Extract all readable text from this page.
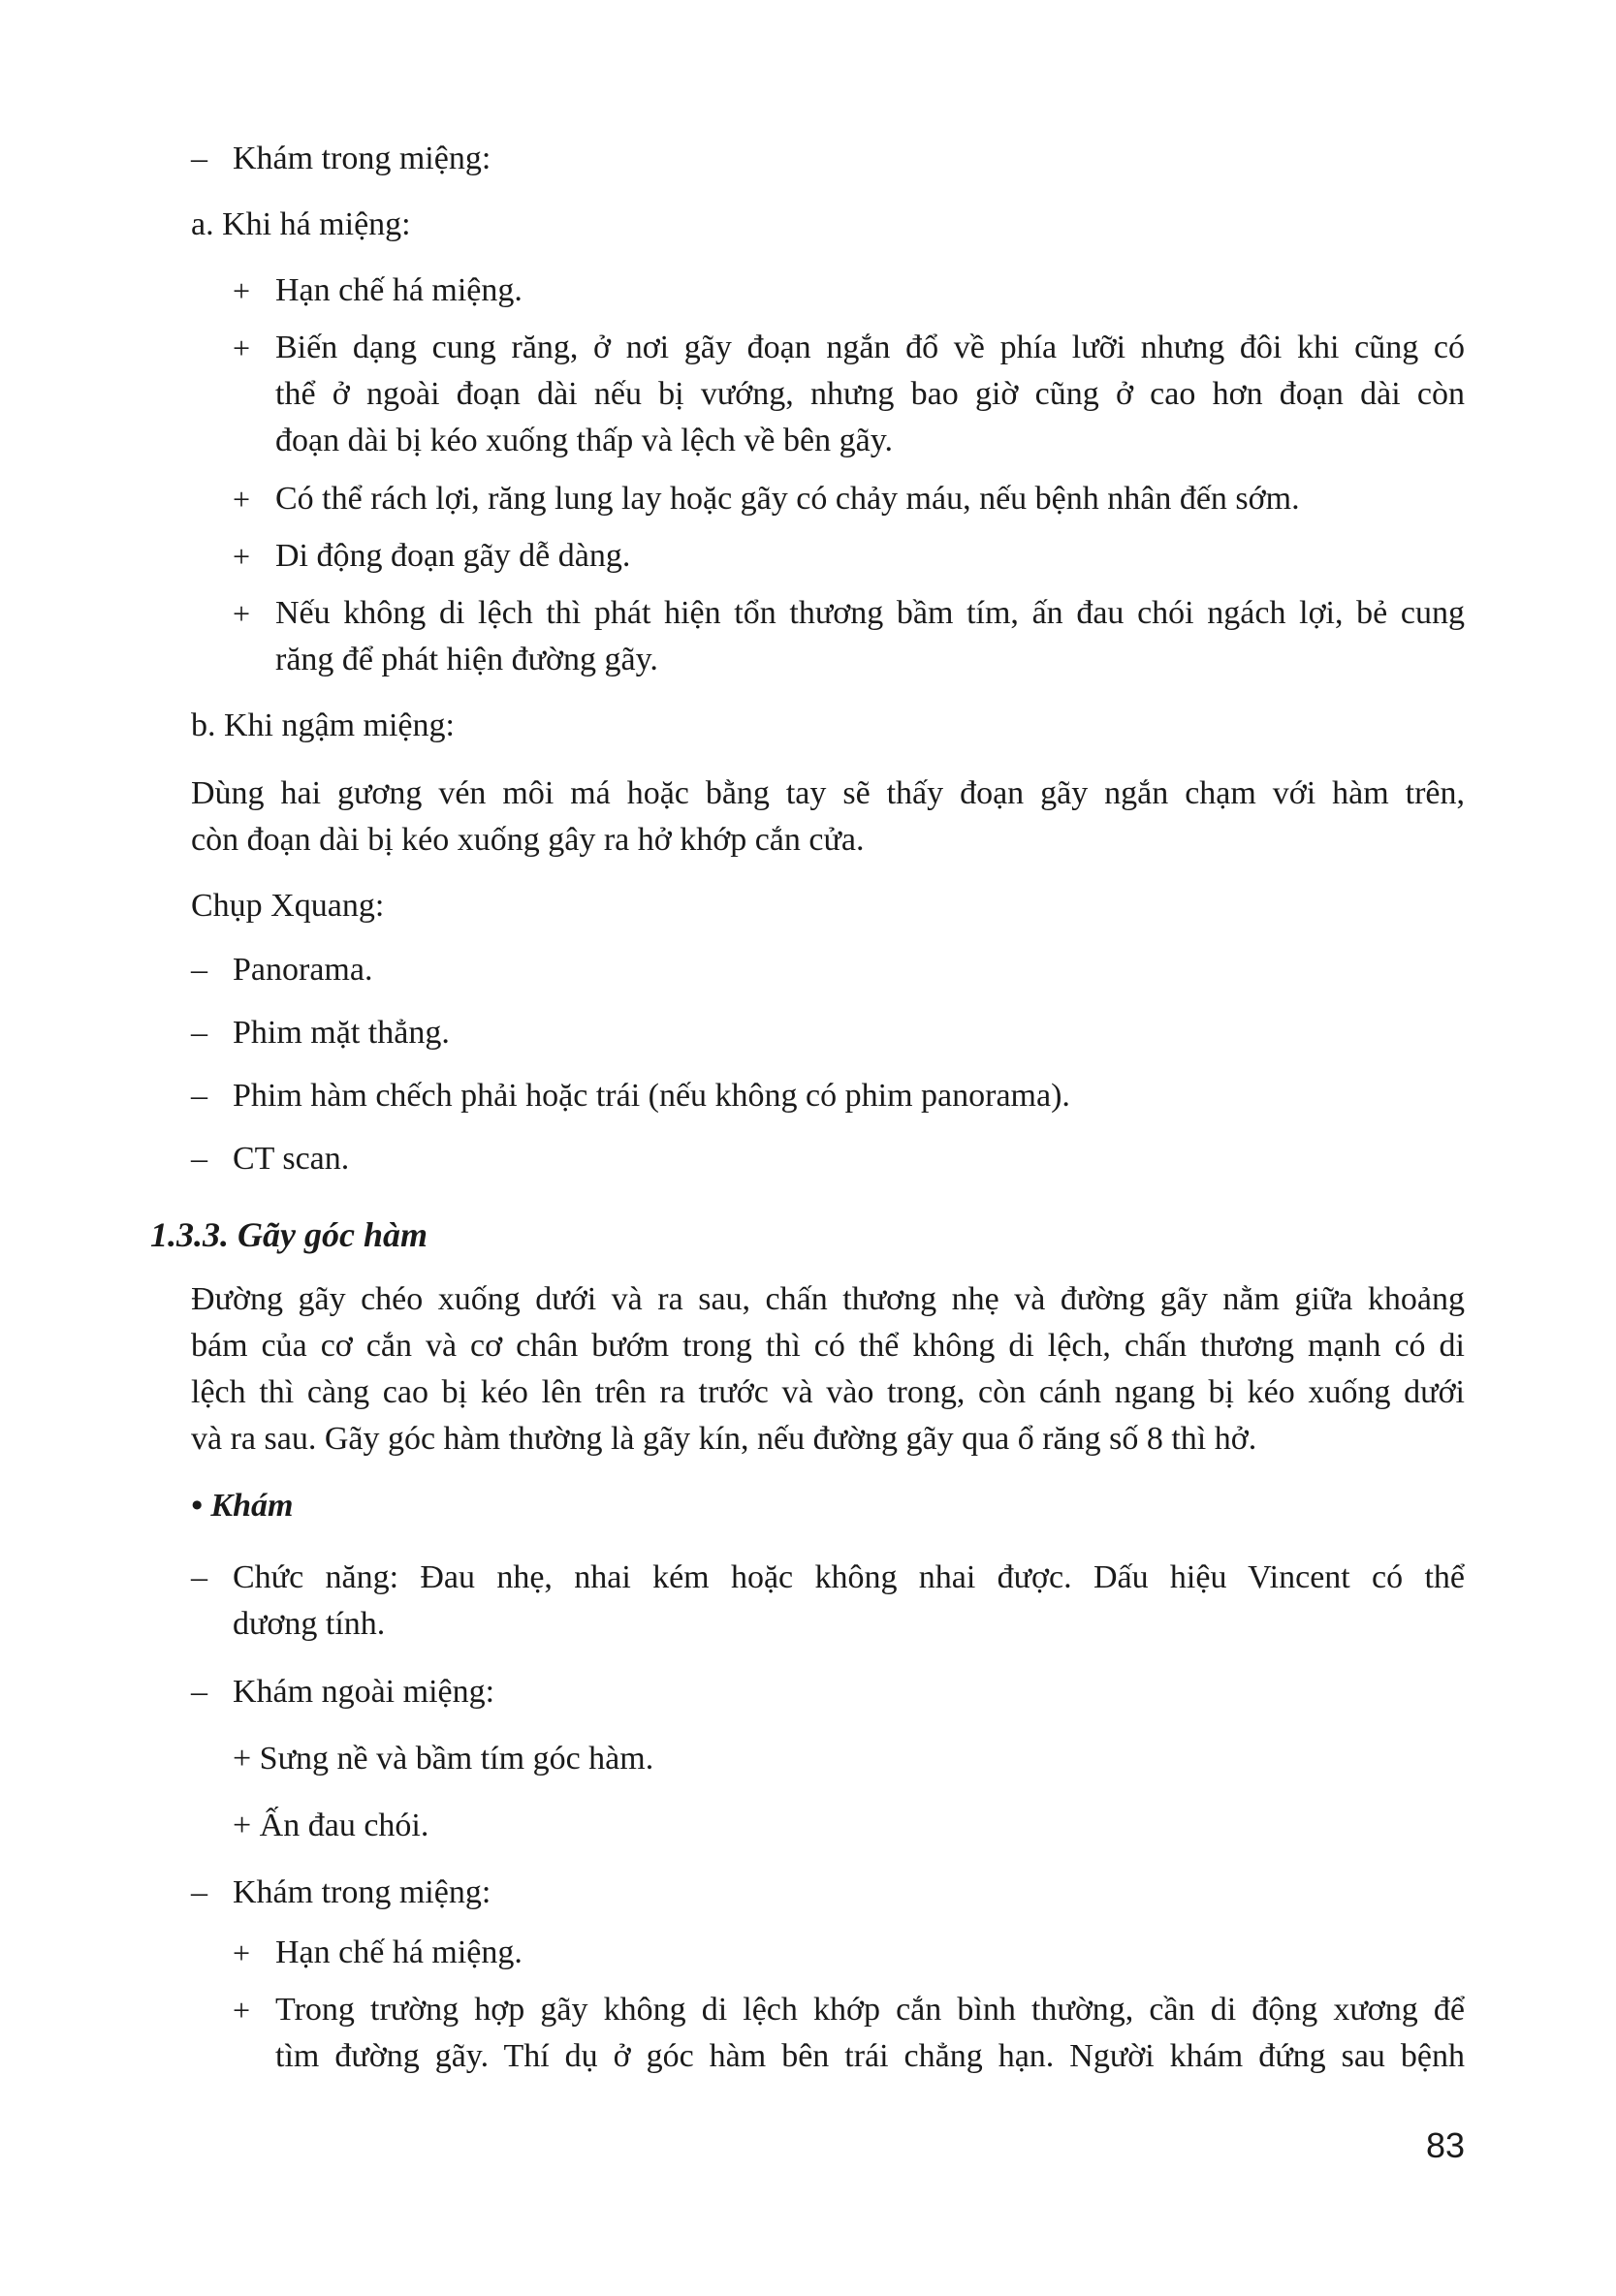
– Khám trong miệng:
a. Khi há miệng:
+ Hạn chế há miệng.
+ Biến dạng cung răng, ở nơi gãy đoạn ngắn đổ về phía lưỡi nhưng đôi khi cũng có
thể ở ngoài đoạn dài nếu bị vướng, nhưng bao giờ cũng ở cao hơn đoạn dài còn
đoạn dài bị kéo xuống thấp và lệch về bên gãy.
+ Có thể rách lợi, răng lung lay hoặc gãy có chảy máu, nếu bệnh nhân đến sớm.
+ Di động đoạn gãy dễ dàng.
+ Nếu không di lệch thì phát hiện tổn thương bầm tím, ấn đau chói ngách lợi, bẻ cung
răng để phát hiện đường gãy.
b. Khi ngậm miệng:
Dùng hai gương vén môi má hoặc bằng tay sẽ thấy đoạn gãy ngắn chạm với hàm trên,
còn đoạn dài bị kéo xuống gây ra hở khớp cắn cửa.
Chụp Xquang:
– Panorama.
– Phim mặt thẳng.
– Phim hàm chếch phải hoặc trái (nếu không có phim panorama).
– CT scan.
1.3.3. Gãy góc hàm
Đường gãy chéo xuống dưới và ra sau, chấn thương nhẹ và đường gãy nằm giữa khoảng
bám của cơ cắn và cơ chân bướm trong thì có thể không di lệch, chấn thương mạnh có di
lệch thì càng cao bị kéo lên trên ra trước và vào trong, còn cánh ngang bị kéo xuống dưới
và ra sau. Gãy góc hàm thường là gãy kín, nếu đường gãy qua ổ răng số 8 thì hở.
• Khám
– Chức năng: Đau nhẹ, nhai kém hoặc không nhai được. Dấu hiệu Vincent có thể
dương tính.
– Khám ngoài miệng:
+ Sưng nề và bầm tím góc hàm.
+ Ấn đau chói.
– Khám trong miệng:
+ Hạn chế há miệng.
+ Trong trường hợp gãy không di lệch khớp cắn bình thường, cần di động xương để
tìm đường gãy. Thí dụ ở góc hàm bên trái chẳng hạn. Người khám đứng sau bệnh
83
